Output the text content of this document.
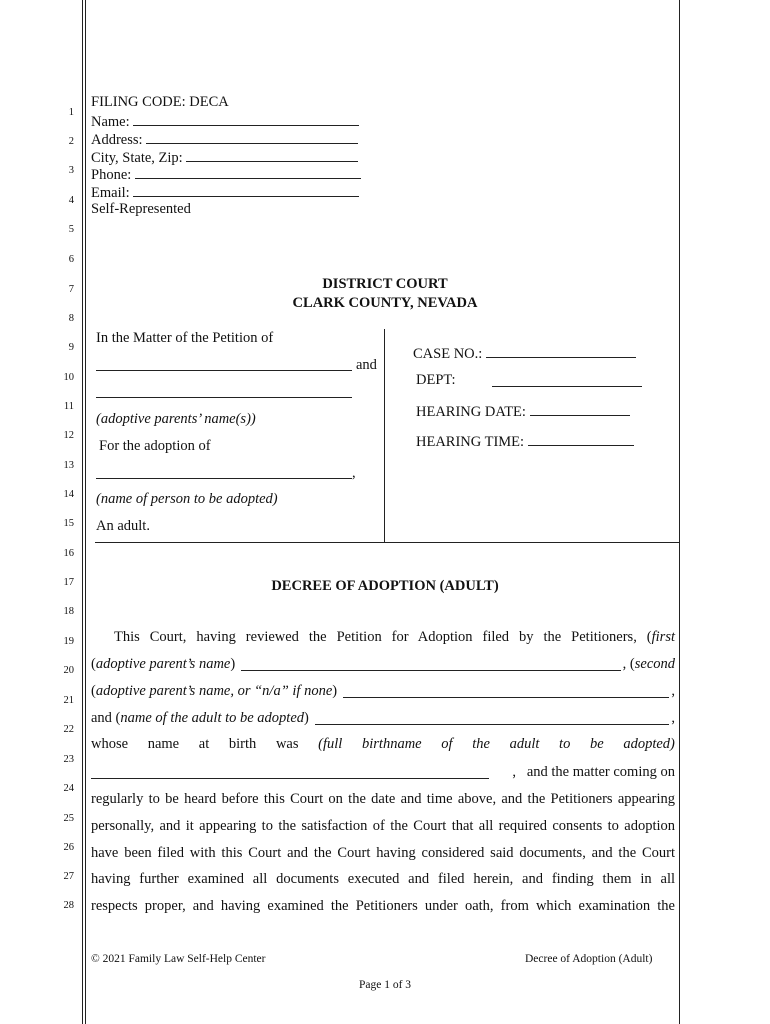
1
2
3
4
5
6
7
8
9
10
11
12
13
14
15
16
17
18
19
20
21
22
23
24
25
26
27
28
FILING CODE: DECA
Name:
Address:
City, State, Zip:
Phone:
Email:
Self-Represented
DISTRICT COURT
CLARK COUNTY, NEVADA
In the Matter of the Petition of
and
(adoptive parents’ name(s))
For the adoption of
,
(name of person to be adopted)
An adult.
CASE NO.:
DEPT:
HEARING DATE:
HEARING TIME:
DECREE OF ADOPTION (ADULT)
This Court, having reviewed the Petition for Adoption filed by the Petitioners, (first
( adoptive parent’s name )	, ( second
( adoptive parent’s name, or “n/a” if none )	,
and ( name of the adult to be adopted )	,
whose name at birth was (full birthname of the adult to be adopted)
,   and the matter coming on
regularly to be heard before this Court on the date and time above, and the Petitioners appearing
personally, and it appearing to the satisfaction of the Court that all required consents to adoption
have been filed with this Court and the Court having considered said documents, and the Court
having further examined all documents executed and filed herein, and finding them in all
respects proper, and having examined the Petitioners under oath, from which examination the
© 2021 Family Law Self-Help Center	Decree of Adoption (Adult)
Page 1 of 3
